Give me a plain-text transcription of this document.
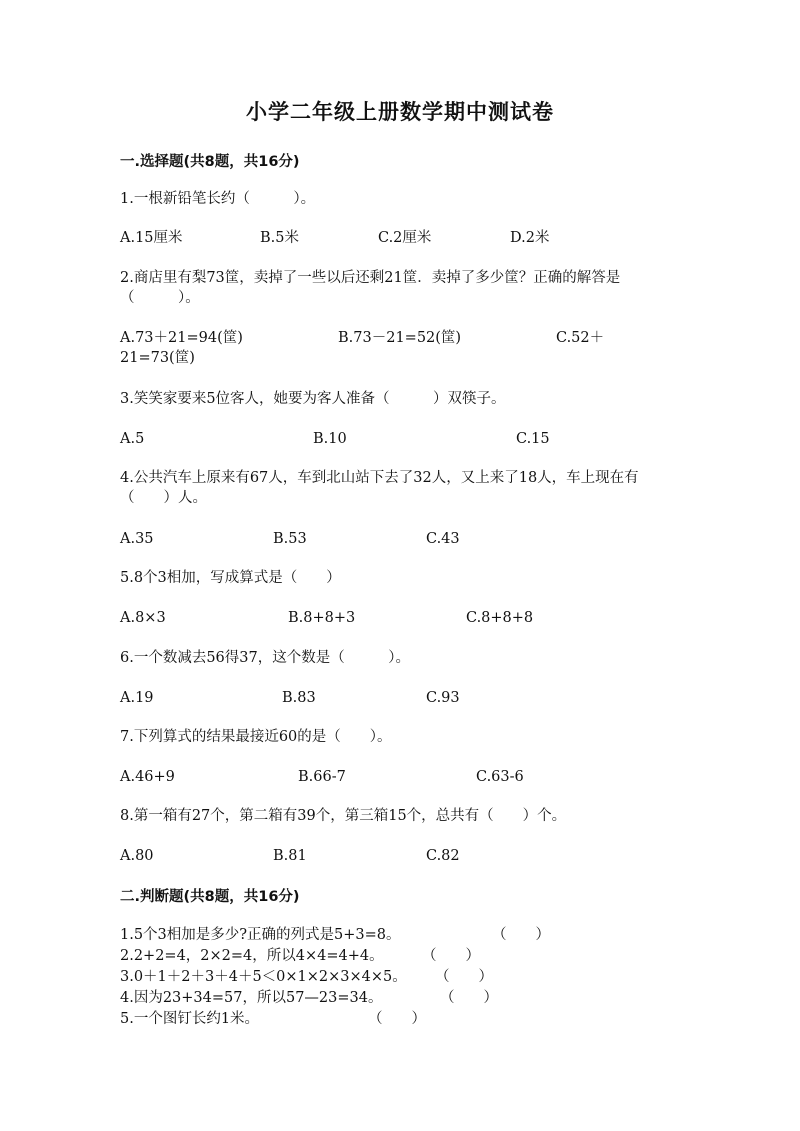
小学二年级上册数学期中测试卷
一.选择题(共8题，共16分)
1.一根新铅笔长约（　　　）。
A.15厘米	B.5米	C.2厘米	D.2米
2.商店里有梨73筐，卖掉了一些以后还剩21筐．卖掉了多少筐？正确的解答是（　　　）。
A.73＋21=94(筐)	B.73－21=52(筐)	C.52＋
21=73(筐)
3.笑笑家要来5位客人，她要为客人准备（　　　）双筷子。
A.5	B.10	C.15
4.公共汽车上原来有67人，车到北山站下去了32人，又上来了18人，车上现在有（　　）人。
A.35	B.53	C.43
5.8个3相加，写成算式是（　　）
A.8×3	B.8+8+3	C.8+8+8
6.一个数减去56得37，这个数是（　　　）。
A.19	B.83	C.93
7.下列算式的结果最接近60的是（　　）。
A.46+9	B.66-7	C.63-6
8.第一箱有27个，第二箱有39个，第三箱15个，总共有（　　）个。
A.80	B.81	C.82
二.判断题(共8题，共16分)
1.5个3相加是多少?正确的列式是5+3=8。	（　　）
2.2+2=4，2×2=4，所以4×4=4+4。	（　　）
3.0＋1＋2＋3＋4＋5＜0×1×2×3×4×5。 （　　）
4.因为23+34=57，所以57—23=34。	（　　）
5.一个图钉长约1米。	（　　）
